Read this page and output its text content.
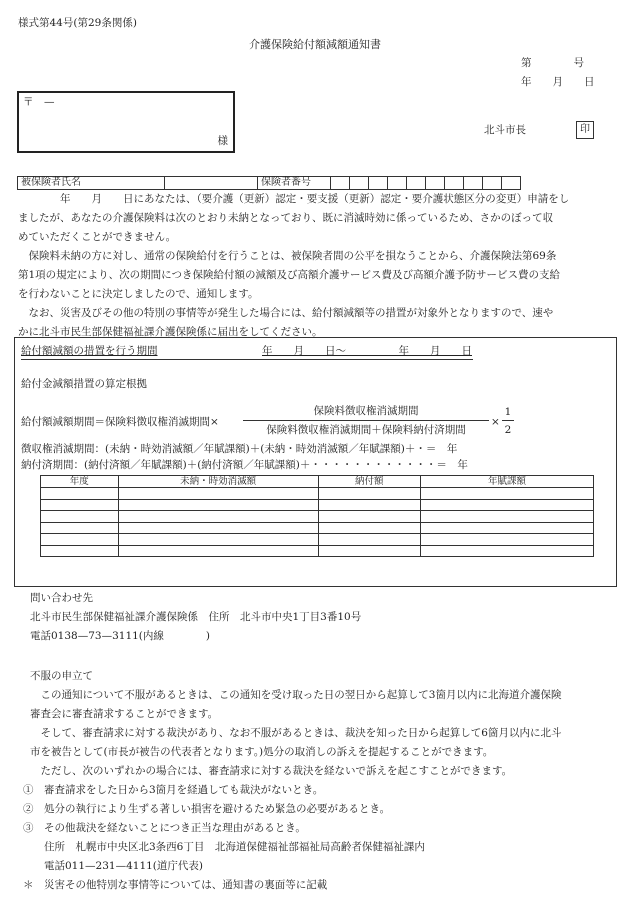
様式第44号(第29条関係)
介護保険給付額減額通知書
第　　　　号
年　　月　　日
〒　—
様
北斗市長	印
被保険者氏名		保険者番号										

　　　　年　　月　　日にあなたは、（要介護（更新）認定・要支援（更新）認定・要介護状態区分の変更）申請をし

ましたが、あなたの介護保険料は次のとおり未納となっており、既に消滅時効に係っているため、さかのぼって収

めていただくことができません。

　保険料未納の方に対し、通常の保険給付を行うことは、被保険者間の公平を損なうことから、介護保険法第69条

第1項の規定により、次の期間につき保険給付額の減額及び高額介護サービス費及び高額介護予防サービス費の支給

を行わないことに決定しましたので、通知します。

　なお、災害及びその他の特別の事情等が発生した場合には、給付額減額等の措置が対象外となりますので、速や

かに北斗市民生部保健福祉課介護保険係に届出をしてください。

給付額減額の措置を行う期間	年　　月　　日～　　　　　年　　月　　日
給付金減額措置の算定根拠
給付額減額期間＝保険料徴収権消滅期間×
保険料徴収権消滅期間
保険料徴収権消滅期間＋保険料納付済期間
×
1
2
徴収権消滅期間：(未納・時効消滅額／年賦課額)＋(未納・時効消滅額／年賦課額)＋・＝　年
納付済期間：(納付済額／年賦課額)＋(納付済額／年賦課額)＋・・・・・・・・・・・・＝　年
年度	未納・時効消滅額	納付額	年賦課額

問い合わせ先
北斗市民生部保健福祉課介護保険係　住所　北斗市中央1丁目3番10号
電話0138—73—3111(内線　　　　)
不服の申立て

　この通知について不服があるときは、この通知を受け取った日の翌日から起算して3箇月以内に北海道介護保険

審査会に審査請求することができます。

　そして、審査請求に対する裁決があり、なお不服があるときは、裁決を知った日から起算して6箇月以内に北斗

市を被告として(市長が被告の代表者となります。)処分の取消しの訴えを提起することができます。

　ただし、次のいずれかの場合には、審査請求に対する裁決を経ないで訴えを起こすことができます。

①　審査請求をした日から3箇月を経過しても裁決がないとき。

②　処分の執行により生ずる著しい損害を避けるため緊急の必要があるとき。

③　その他裁決を経ないことにつき正当な理由があるとき。

　　住所　札幌市中央区北3条西6丁目　北海道保健福祉部福祉局高齢者保健福祉課内

　　電話011—231—4111(道庁代表)

＊　災害その他特別な事情等については、通知書の裏面等に記載
